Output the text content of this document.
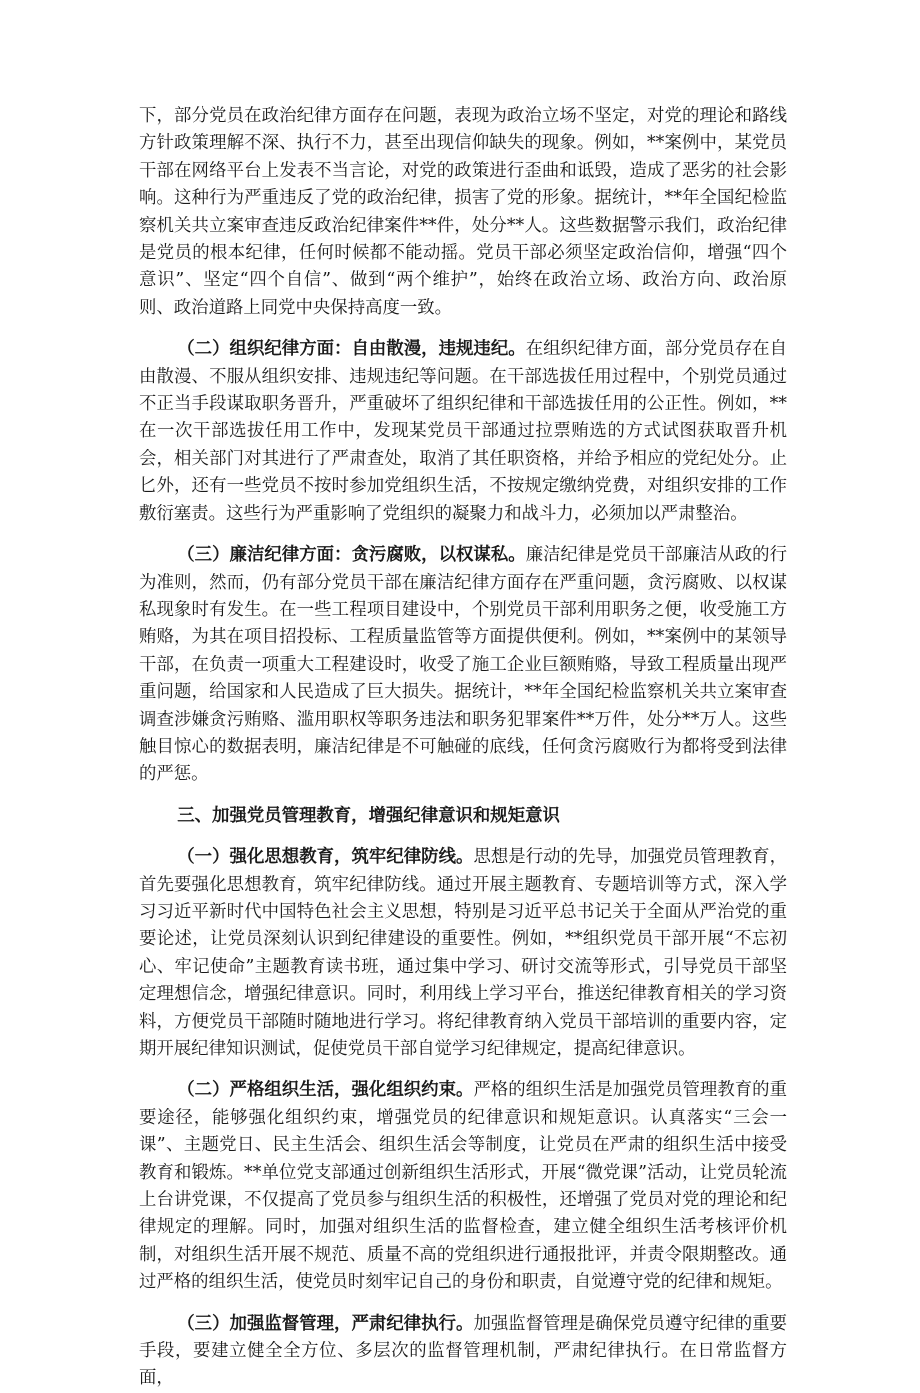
下，部分党员在政治纪律方面存在问题，表现为政治立场不坚定，对党的理论和路线方针政策理解不深、执行不力，甚至出现信仰缺失的现象。例如，**案例中，某党员干部在网络平台上发表不当言论，对党的政策进行歪曲和诋毁，造成了恶劣的社会影响。这种行为严重违反了党的政治纪律，损害了党的形象。据统计，**年全国纪检监察机关共立案审查违反政治纪律案件**件，处分**人。这些数据警示我们，政治纪律是党员的根本纪律，任何时候都不能动摇。党员干部必须坚定政治信仰，增强“四个意识”、坚定“四个自信”、做到“两个维护”，始终在政治立场、政治方向、政治原则、政治道路上同党中央保持高度一致。

（二）组织纪律方面：自由散漫，违规违纪。在组织纪律方面，部分党员存在自由散漫、不服从组织安排、违规违纪等问题。在干部选拔任用过程中，个别党员通过不正当手段谋取职务晋升，严重破坏了组织纪律和干部选拔任用的公正性。例如，**在一次干部选拔任用工作中，发现某党员干部通过拉票贿选的方式试图获取晋升机会，相关部门对其进行了严肃查处，取消了其任职资格，并给予相应的党纪处分。止匕外，还有一些党员不按时参加党组织生活，不按规定缴纳党费，对组织安排的工作敷衍塞责。这些行为严重影响了党组织的凝聚力和战斗力，必须加以严肃整治。

（三）廉洁纪律方面：贪污腐败，以权谋私。廉洁纪律是党员干部廉洁从政的行为准则，然而，仍有部分党员干部在廉洁纪律方面存在严重问题，贪污腐败、以权谋私现象时有发生。在一些工程项目建设中，个别党员干部利用职务之便，收受施工方贿赂，为其在项目招投标、工程质量监管等方面提供便利。例如，**案例中的某领导干部，在负责一项重大工程建设时，收受了施工企业巨额贿赂，导致工程质量出现严重问题，给国家和人民造成了巨大损失。据统计，**年全国纪检监察机关共立案审查调查涉嫌贪污贿赂、滥用职权等职务违法和职务犯罪案件**万件，处分**万人。这些触目惊心的数据表明，廉洁纪律是不可触碰的底线，任何贪污腐败行为都将受到法律的严惩。

三、加强党员管理教育，增强纪律意识和规矩意识

（一）强化思想教育，筑牢纪律防线。思想是行动的先导，加强党员管理教育，首先要强化思想教育，筑牢纪律防线。通过开展主题教育、专题培训等方式，深入学习习近平新时代中国特色社会主义思想，特别是习近平总书记关于全面从严治党的重要论述，让党员深刻认识到纪律建设的重要性。例如，**组织党员干部开展“不忘初心、牢记使命”主题教育读书班，通过集中学习、研讨交流等形式，引导党员干部坚定理想信念，增强纪律意识。同时，利用线上学习平台，推送纪律教育相关的学习资料，方便党员干部随时随地进行学习。将纪律教育纳入党员干部培训的重要内容，定期开展纪律知识测试，促使党员干部自觉学习纪律规定，提高纪律意识。

（二）严格组织生活，强化组织约束。严格的组织生活是加强党员管理教育的重要途径，能够强化组织约束，增强党员的纪律意识和规矩意识。认真落实“三会一课”、主题党日、民主生活会、组织生活会等制度，让党员在严肃的组织生活中接受教育和锻炼。**单位党支部通过创新组织生活形式，开展“微党课”活动，让党员轮流上台讲党课，不仅提高了党员参与组织生活的积极性，还增强了党员对党的理论和纪律规定的理解。同时，加强对组织生活的监督检查，建立健全组织生活考核评价机制，对组织生活开展不规范、质量不高的党组织进行通报批评，并责令限期整改。通过严格的组织生活，使党员时刻牢记自己的身份和职责，自觉遵守党的纪律和规矩。

（三）加强监督管理，严肃纪律执行。加强监督管理是确保党员遵守纪律的重要手段，要建立健全全方位、多层次的监督管理机制，严肃纪律执行。在日常监督方面，
